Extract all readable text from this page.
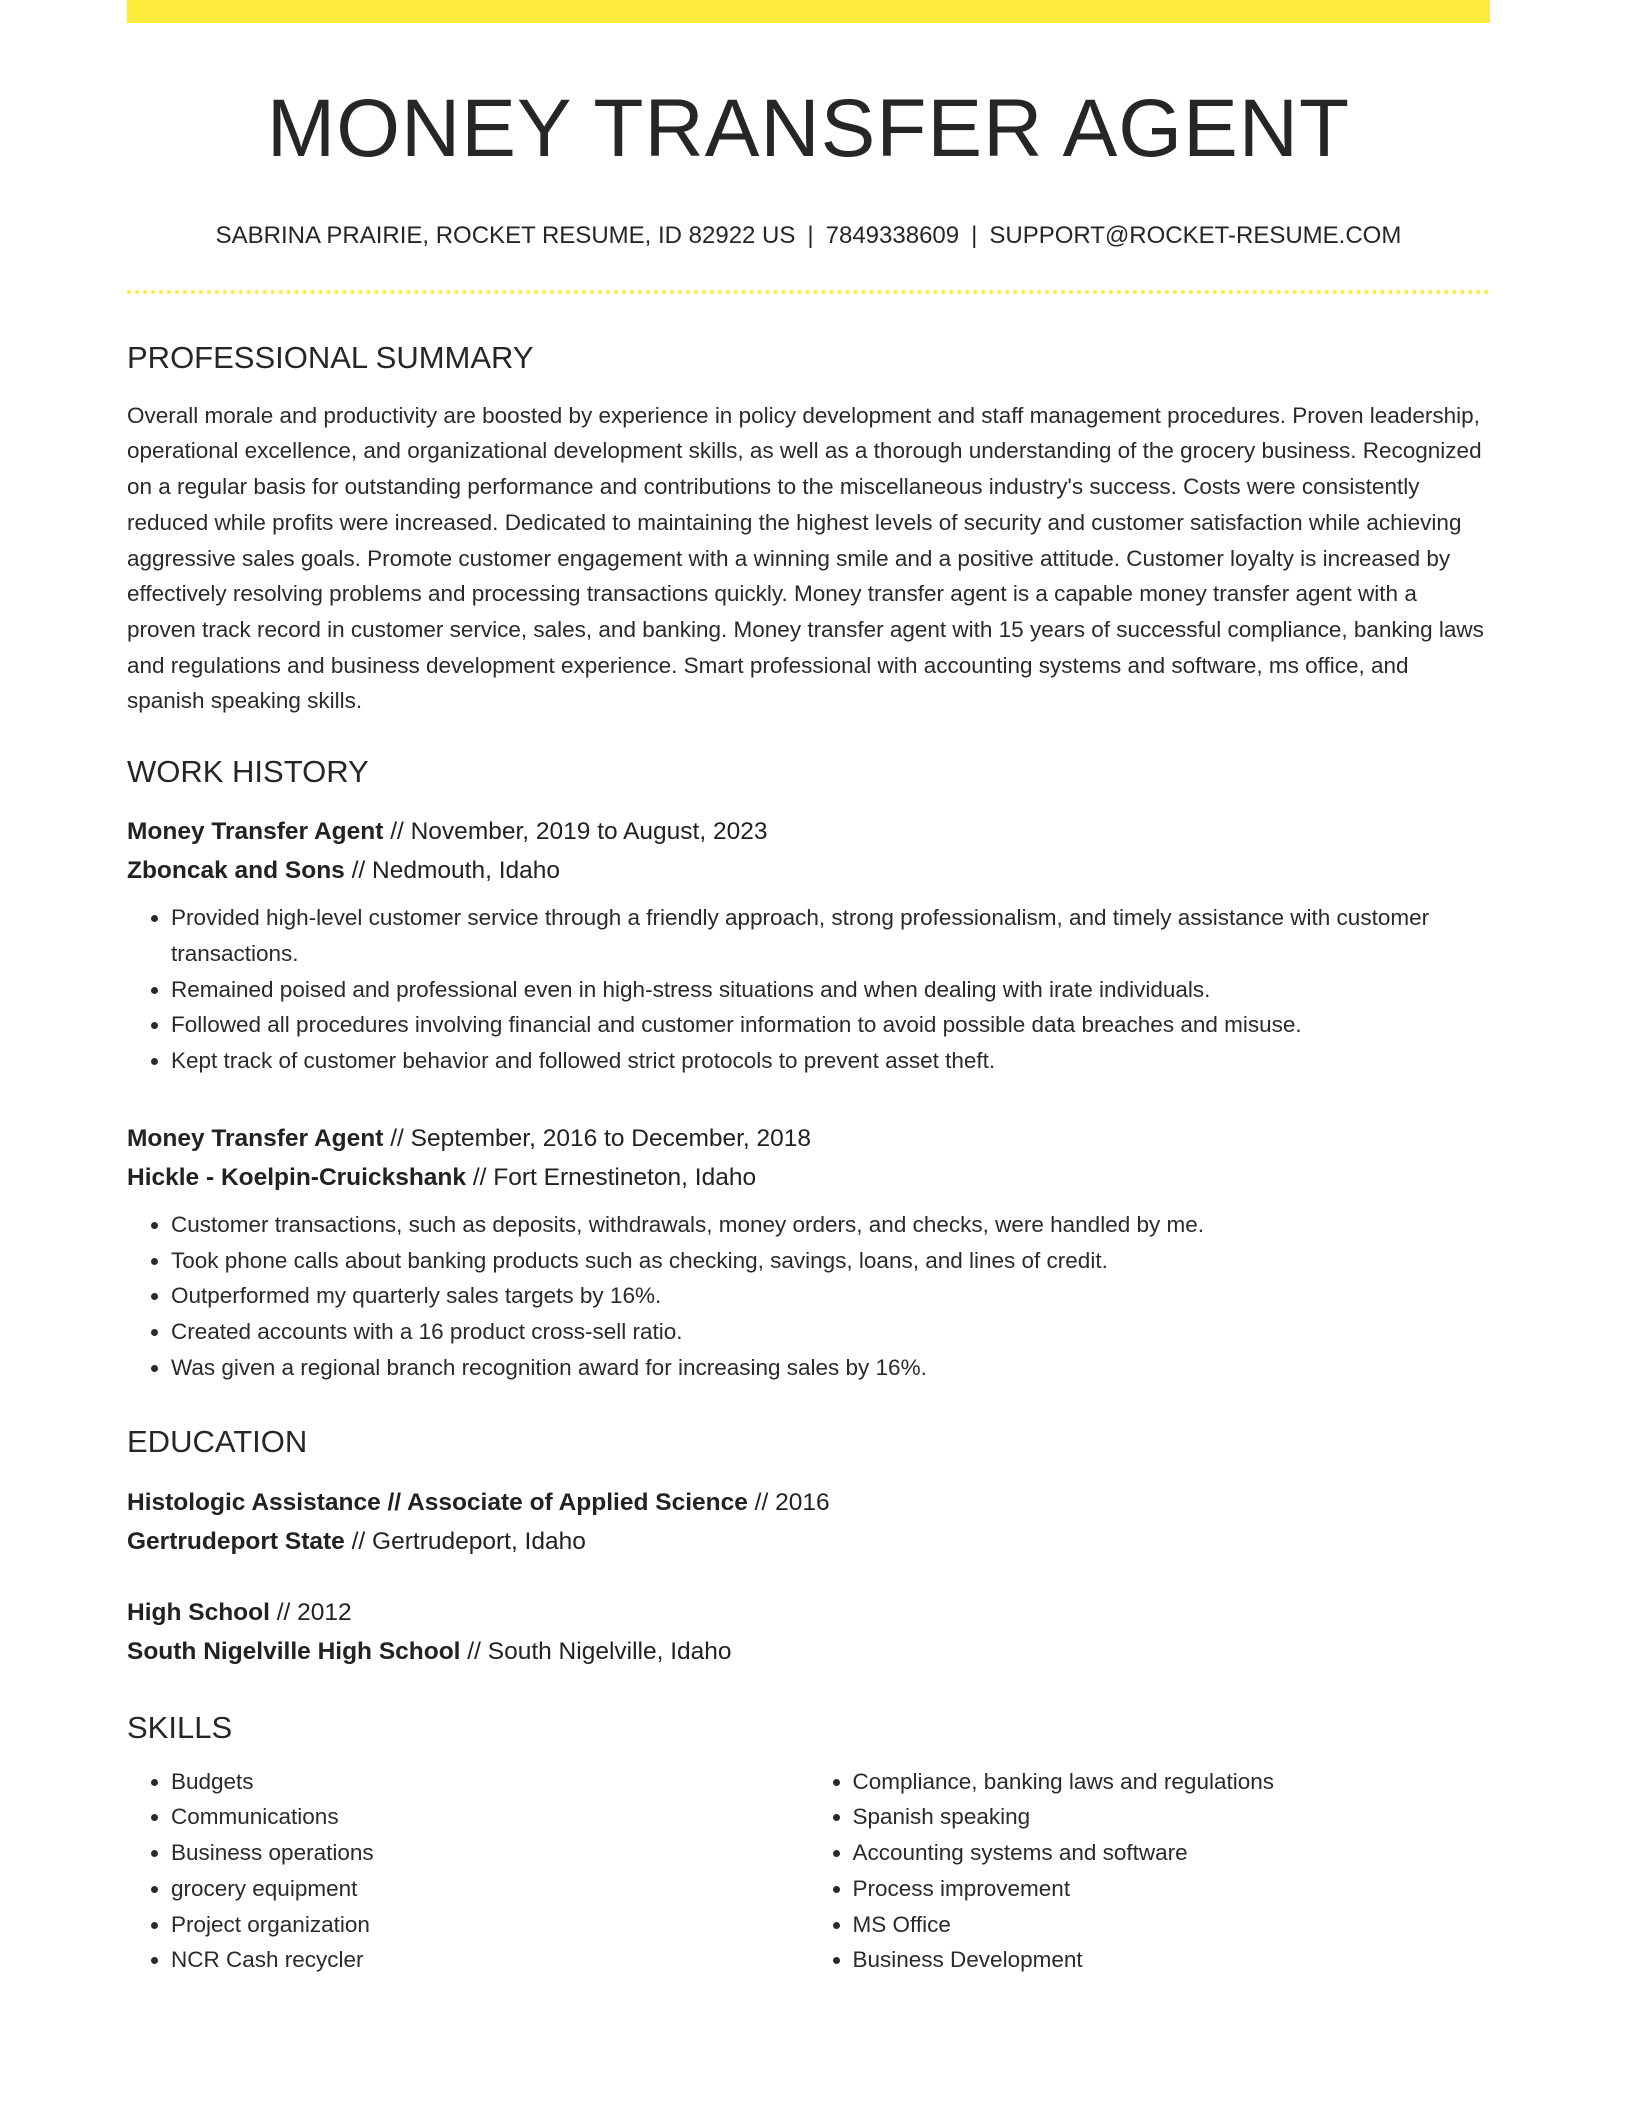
MONEY TRANSFER AGENT
SABRINA PRAIRIE, ROCKET RESUME, ID 82922 US | 7849338609 | SUPPORT@ROCKET-RESUME.COM
PROFESSIONAL SUMMARY
Overall morale and productivity are boosted by experience in policy development and staff management procedures. Proven leadership, operational excellence, and organizational development skills, as well as a thorough understanding of the grocery business. Recognized on a regular basis for outstanding performance and contributions to the miscellaneous industry's success. Costs were consistently reduced while profits were increased. Dedicated to maintaining the highest levels of security and customer satisfaction while achieving aggressive sales goals. Promote customer engagement with a winning smile and a positive attitude. Customer loyalty is increased by effectively resolving problems and processing transactions quickly. Money transfer agent is a capable money transfer agent with a proven track record in customer service, sales, and banking. Money transfer agent with 15 years of successful compliance, banking laws and regulations and business development experience. Smart professional with accounting systems and software, ms office, and spanish speaking skills.
WORK HISTORY
Money Transfer Agent // November, 2019 to August, 2023
Zboncak and Sons // Nedmouth, Idaho
• Provided high-level customer service through a friendly approach, strong professionalism, and timely assistance with customer transactions.
• Remained poised and professional even in high-stress situations and when dealing with irate individuals.
• Followed all procedures involving financial and customer information to avoid possible data breaches and misuse.
• Kept track of customer behavior and followed strict protocols to prevent asset theft.
Money Transfer Agent // September, 2016 to December, 2018
Hickle - Koelpin-Cruickshank // Fort Ernestineton, Idaho
• Customer transactions, such as deposits, withdrawals, money orders, and checks, were handled by me.
• Took phone calls about banking products such as checking, savings, loans, and lines of credit.
• Outperformed my quarterly sales targets by 16%.
• Created accounts with a 16 product cross-sell ratio.
• Was given a regional branch recognition award for increasing sales by 16%.
EDUCATION
Histologic Assistance // Associate of Applied Science // 2016
Gertrudeport State // Gertrudeport, Idaho
High School // 2012
South Nigelville High School // South Nigelville, Idaho
SKILLS
• Budgets
• Communications
• Business operations
• grocery equipment
• Project organization
• NCR Cash recycler
• Compliance, banking laws and regulations
• Spanish speaking
• Accounting systems and software
• Process improvement
• MS Office
• Business Development
